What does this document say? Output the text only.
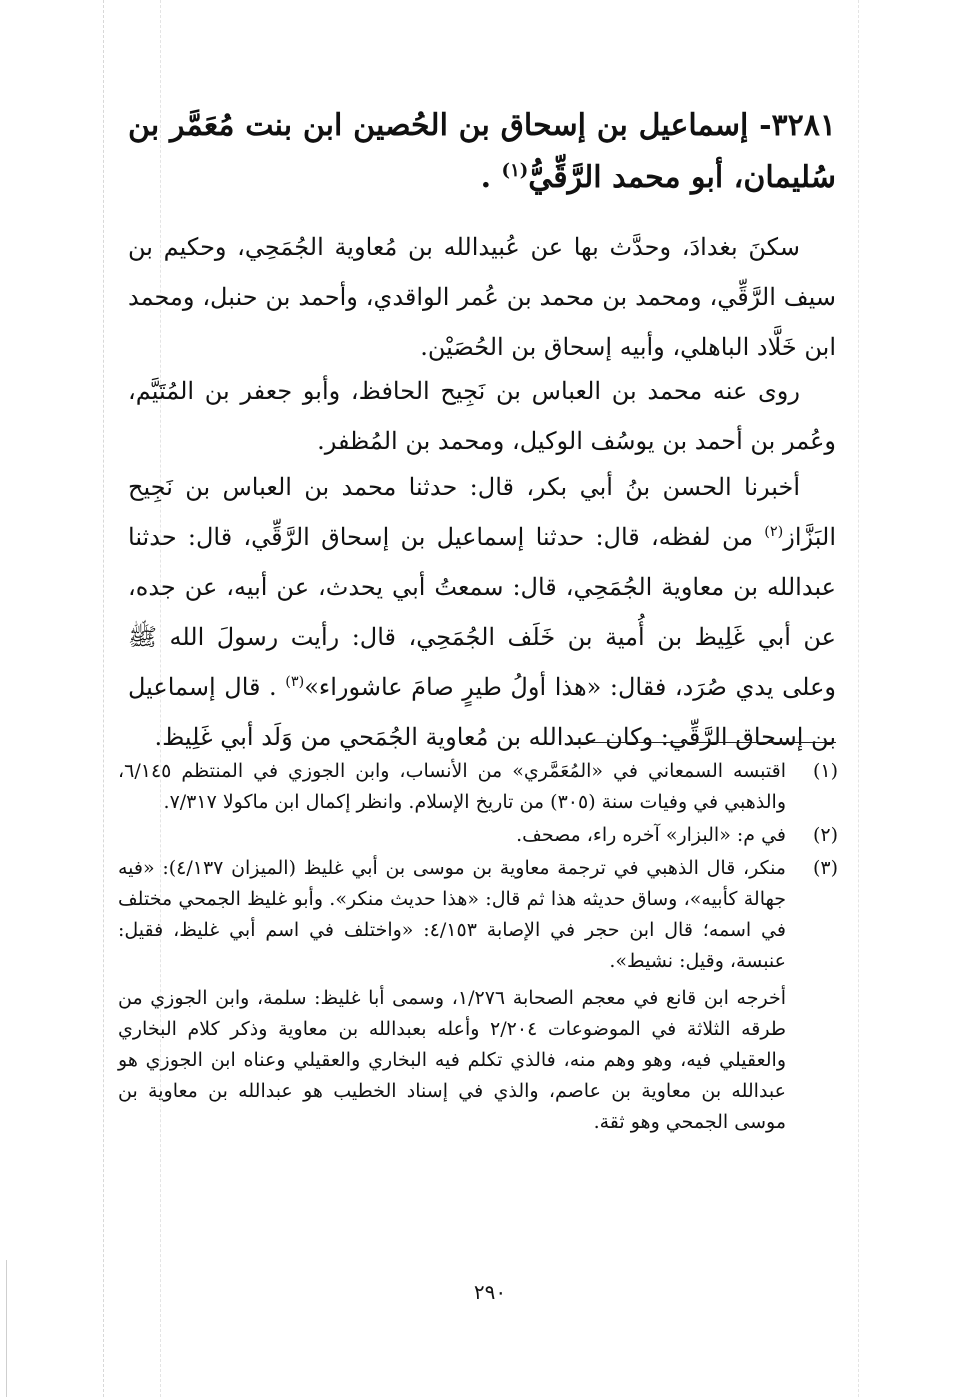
٣٢٨١- إسماعيل بن إسحاق بن الحُصين ابن بنت مُعَمَّر بن سُليمان، أبو محمد الرَّقِّيُّ$^{(١)}$ .
سكنَ بغدادَ، وحدَّث بها عن عُبيدالله بن مُعاوية الجُمَحِي، وحكيم بن سيف الرَّقِّي، ومحمد بن محمد بن عُمر الواقدي، وأحمد بن حنبل، ومحمد ابن خَلَّاد الباهلي، وأبيه إسحاق بن الحُصَيْن.
روى عنه محمد بن العباس بن نَجِيح الحافظ، وأبو جعفر بن المُتَيَّم، وعُمر بن أحمد بن يوسُف الوكيل، ومحمد بن المُظفر.
أخبرنا الحسن بنُ أبي بكر، قال: حدثنا محمد بن العباس بن نَجِيح البَزَّاز$^{(٢)}$ من لفظه، قال: حدثنا إسماعيل بن إسحاق الرَّقِّي، قال: حدثنا عبدالله بن معاوية الجُمَحِي، قال: سمعتُ أبي يحدث، عن أبيه، عن جده، عن أبي غَلِيظ بن أُمية بن خَلَف الجُمَحِي، قال: رأيت رسولَ الله ﷺ وعلى يدي صُرَد، فقال: «هذا أولُ طيرٍ صامَ عاشوراء»$^{(٣)}$ . قال إسماعيل بن إسحاق الرَّقِّي: وكان عبدالله بن مُعاوية الجُمَحي من وَلَد أبي غَلِيظ.
(١)
اقتبسه السمعاني في «المُعَمَّري» من الأنساب، وابن الجوزي في المنتظم ٦/١٤٥، والذهبي في وفيات سنة (٣٠٥) من تاريخ الإسلام. وانظر إكمال ابن ماكولا ٧/٣١٧.
(٢)
في م: «البزار» آخره راء، مصحف.
(٣)
منكر، قال الذهبي في ترجمة معاوية بن موسى بن أبي غليظ (الميزان ٤/١٣٧): «فيه جهالة كأبيه»، وساق حديثه هذا ثم قال: «هذا حديث منكر». وأبو غليظ الجمحي مختلف في اسمه؛ قال ابن حجر في الإصابة ٤/١٥٣: «واختلف في اسم أبي غليظ، فقيل: عنبسة، وقيل: نشيط».
أخرجه ابن قانع في معجم الصحابة ١/٢٧٦، وسمى أبا غليظ: سلمة، وابن الجوزي من طرقه الثلاثة في الموضوعات ٢/٢٠٤ وأعله بعبدالله بن معاوية وذكر كلام البخاري والعقيلي فيه، وهو وهم منه، فالذي تكلم فيه البخاري والعقيلي وعناه ابن الجوزي هو عبدالله بن معاوية بن عاصم، والذي في إسناد الخطيب هو عبدالله بن معاوية بن موسى الجمحي وهو ثقة.
٢٩٠
